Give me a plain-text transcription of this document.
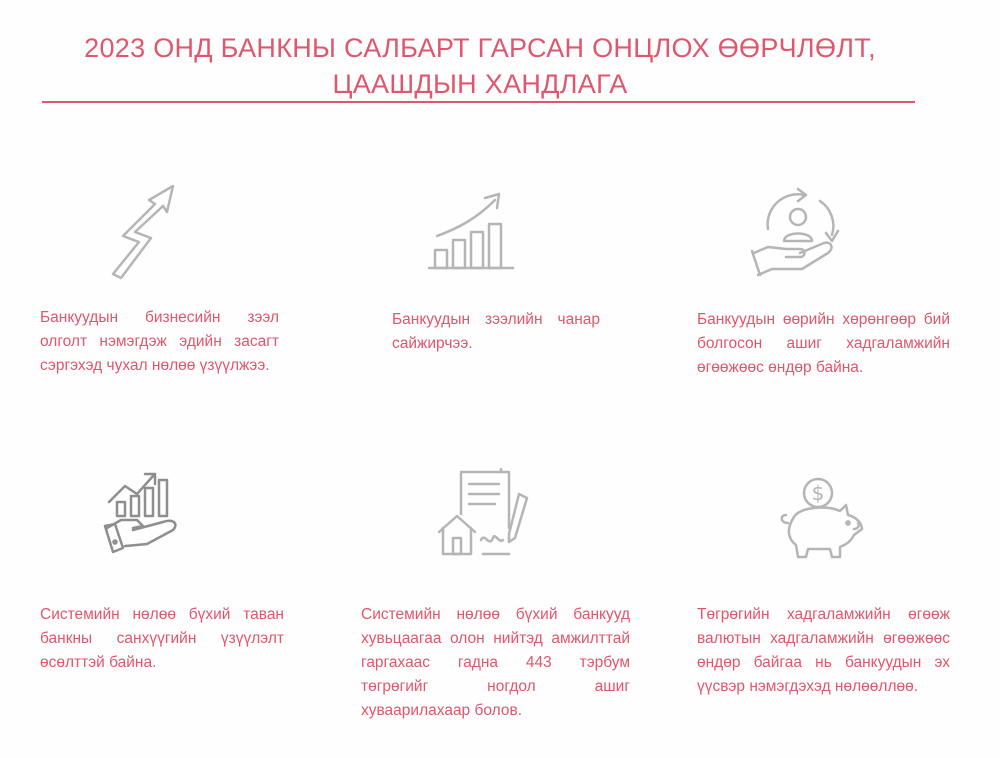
2023 ОНД БАНКНЫ САЛБАРТ ГАРСАН ОНЦЛОХ ӨӨРЧЛӨЛТ,
ЦААШДЫН ХАНДЛАГА
$
Банкуудын бизнесийн зээл олголт нэмэгдэж эдийн засагт сэргэхэд чухал нөлөө үзүүлжээ.
Банкуудын зээлийн чанар сайжирчээ.
Банкуудын өөрийн хөрөнгөөр бий болгосон ашиг хадгаламжийн өгөөжөөс өндөр байна.
Системийн нөлөө бүхий таван банкны санхүүгийн үзүүлэлт өсөлттэй байна.
Системийн нөлөө бүхий банкууд хувьцаагаа олон нийтэд амжилттай гаргахаас гадна 443 тэрбум төгрөгийг ногдол ашиг хуваарилахаар болов.
Төгрөгийн хадгаламжийн өгөөж валютын хадгаламжийн өгөөжөөс өндөр байгаа нь банкуудын эх үүсвэр нэмэгдэхэд нөлөөллөө.
